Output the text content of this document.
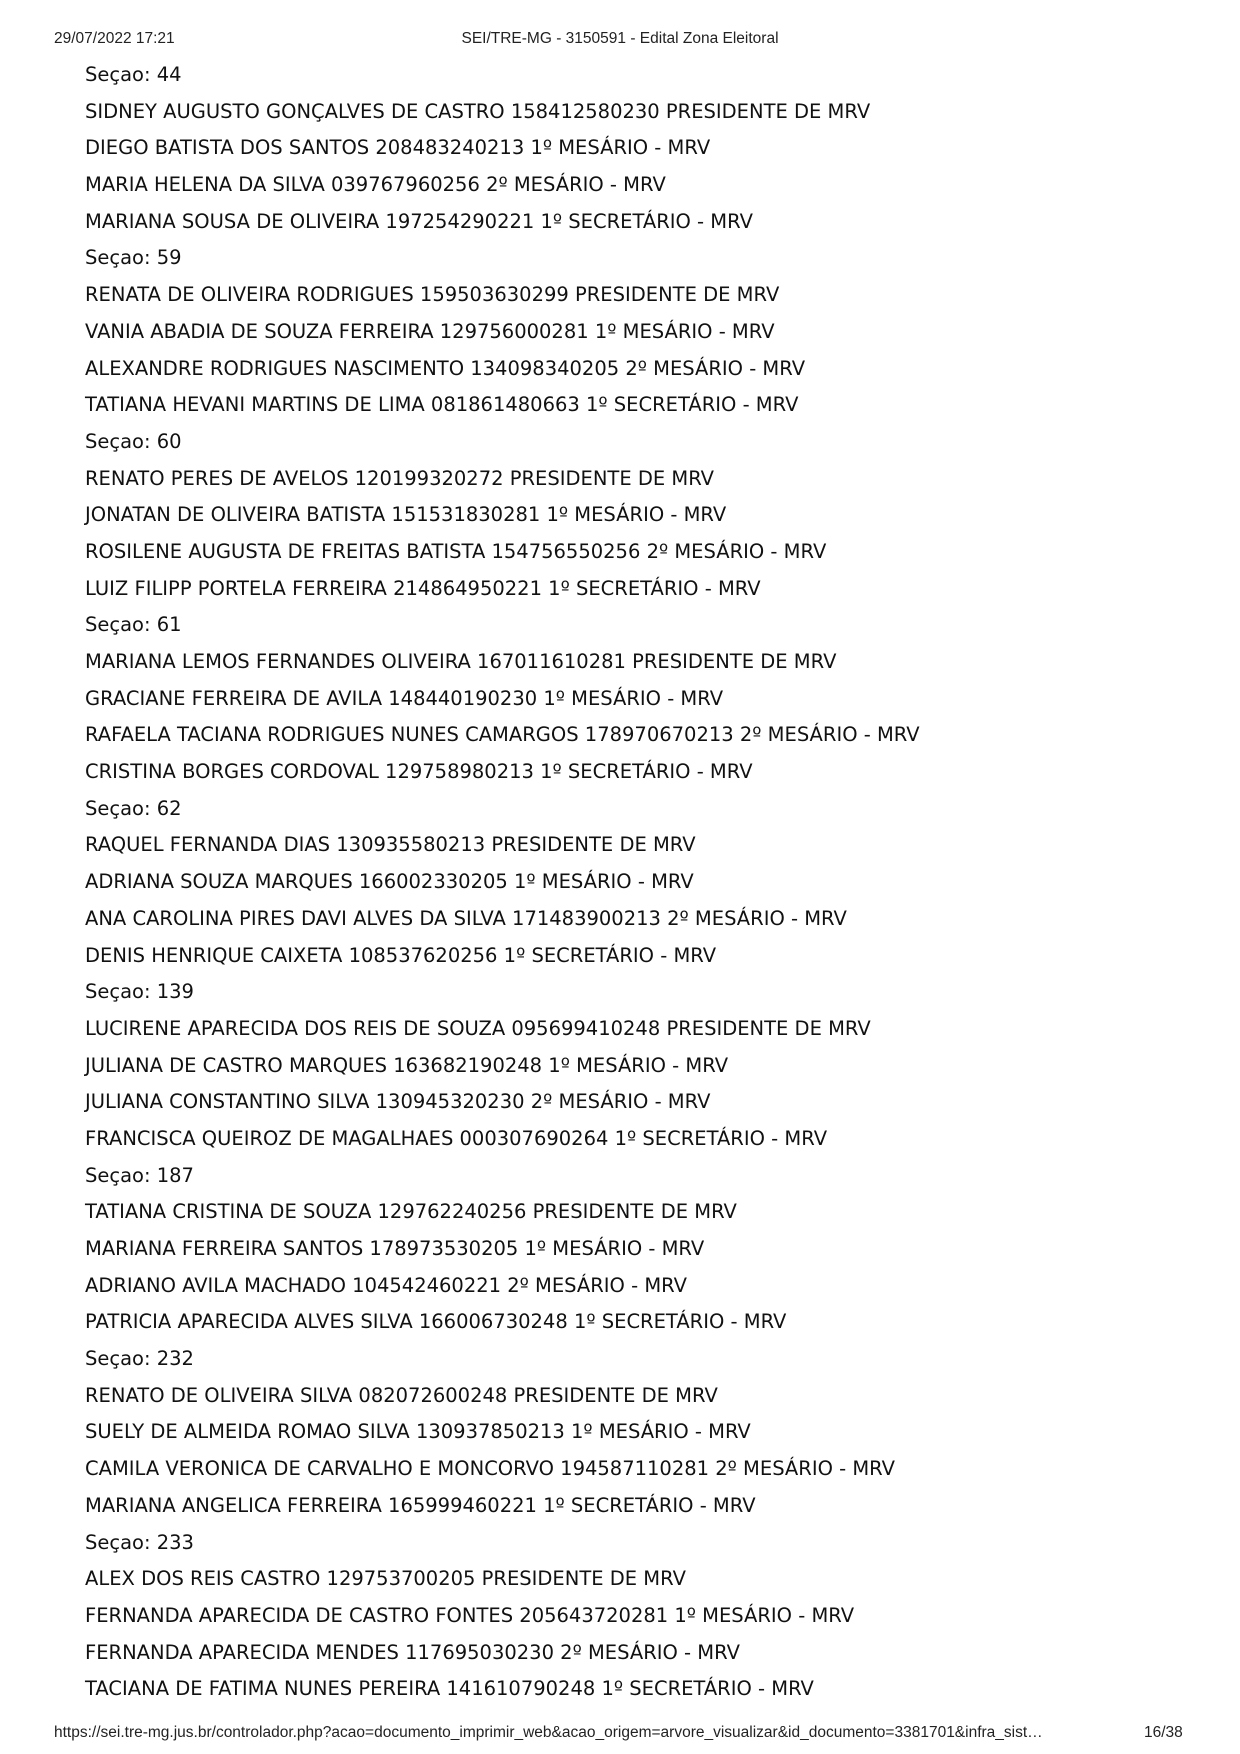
29/07/2022 17:21	SEI/TRE-MG - 3150591 - Edital Zona Eleitoral
Seçao: 44
SIDNEY AUGUSTO GONÇALVES DE CASTRO 158412580230 PRESIDENTE DE MRV
DIEGO BATISTA DOS SANTOS 208483240213 1º MESÁRIO - MRV
MARIA HELENA DA SILVA 039767960256 2º MESÁRIO - MRV
MARIANA SOUSA DE OLIVEIRA 197254290221 1º SECRETÁRIO - MRV
Seçao: 59
RENATA DE OLIVEIRA RODRIGUES 159503630299 PRESIDENTE DE MRV
VANIA ABADIA DE SOUZA FERREIRA 129756000281 1º MESÁRIO - MRV
ALEXANDRE RODRIGUES NASCIMENTO 134098340205 2º MESÁRIO - MRV
TATIANA HEVANI MARTINS DE LIMA 081861480663 1º SECRETÁRIO - MRV
Seçao: 60
RENATO PERES DE AVELOS 120199320272 PRESIDENTE DE MRV
JONATAN DE OLIVEIRA BATISTA 151531830281 1º MESÁRIO - MRV
ROSILENE AUGUSTA DE FREITAS BATISTA 154756550256 2º MESÁRIO - MRV
LUIZ FILIPP PORTELA FERREIRA 214864950221 1º SECRETÁRIO - MRV
Seçao: 61
MARIANA LEMOS FERNANDES OLIVEIRA 167011610281 PRESIDENTE DE MRV
GRACIANE FERREIRA DE AVILA 148440190230 1º MESÁRIO - MRV
RAFAELA TACIANA RODRIGUES NUNES CAMARGOS 178970670213 2º MESÁRIO - MRV
CRISTINA BORGES CORDOVAL 129758980213 1º SECRETÁRIO - MRV
Seçao: 62
RAQUEL FERNANDA DIAS 130935580213 PRESIDENTE DE MRV
ADRIANA SOUZA MARQUES 166002330205 1º MESÁRIO - MRV
ANA CAROLINA PIRES DAVI ALVES DA SILVA 171483900213 2º MESÁRIO - MRV
DENIS HENRIQUE CAIXETA 108537620256 1º SECRETÁRIO - MRV
Seçao: 139
LUCIRENE APARECIDA DOS REIS DE SOUZA 095699410248 PRESIDENTE DE MRV
JULIANA DE CASTRO MARQUES 163682190248 1º MESÁRIO - MRV
JULIANA CONSTANTINO SILVA 130945320230 2º MESÁRIO - MRV
FRANCISCA QUEIROZ DE MAGALHAES 000307690264 1º SECRETÁRIO - MRV
Seçao: 187
TATIANA CRISTINA DE SOUZA 129762240256 PRESIDENTE DE MRV
MARIANA FERREIRA SANTOS 178973530205 1º MESÁRIO - MRV
ADRIANO AVILA MACHADO 104542460221 2º MESÁRIO - MRV
PATRICIA APARECIDA ALVES SILVA 166006730248 1º SECRETÁRIO - MRV
Seçao: 232
RENATO DE OLIVEIRA SILVA 082072600248 PRESIDENTE DE MRV
SUELY DE ALMEIDA ROMAO SILVA 130937850213 1º MESÁRIO - MRV
CAMILA VERONICA DE CARVALHO E MONCORVO 194587110281 2º MESÁRIO - MRV
MARIANA ANGELICA FERREIRA 165999460221 1º SECRETÁRIO - MRV
Seçao: 233
ALEX DOS REIS CASTRO 129753700205 PRESIDENTE DE MRV
FERNANDA APARECIDA DE CASTRO FONTES 205643720281 1º MESÁRIO - MRV
FERNANDA APARECIDA MENDES 117695030230 2º MESÁRIO - MRV
TACIANA DE FATIMA NUNES PEREIRA 141610790248 1º SECRETÁRIO - MRV
https://sei.tre-mg.jus.br/controlador.php?acao=documento_imprimir_web&acao_origem=arvore_visualizar&id_documento=3381701&infra_sist…	16/38
